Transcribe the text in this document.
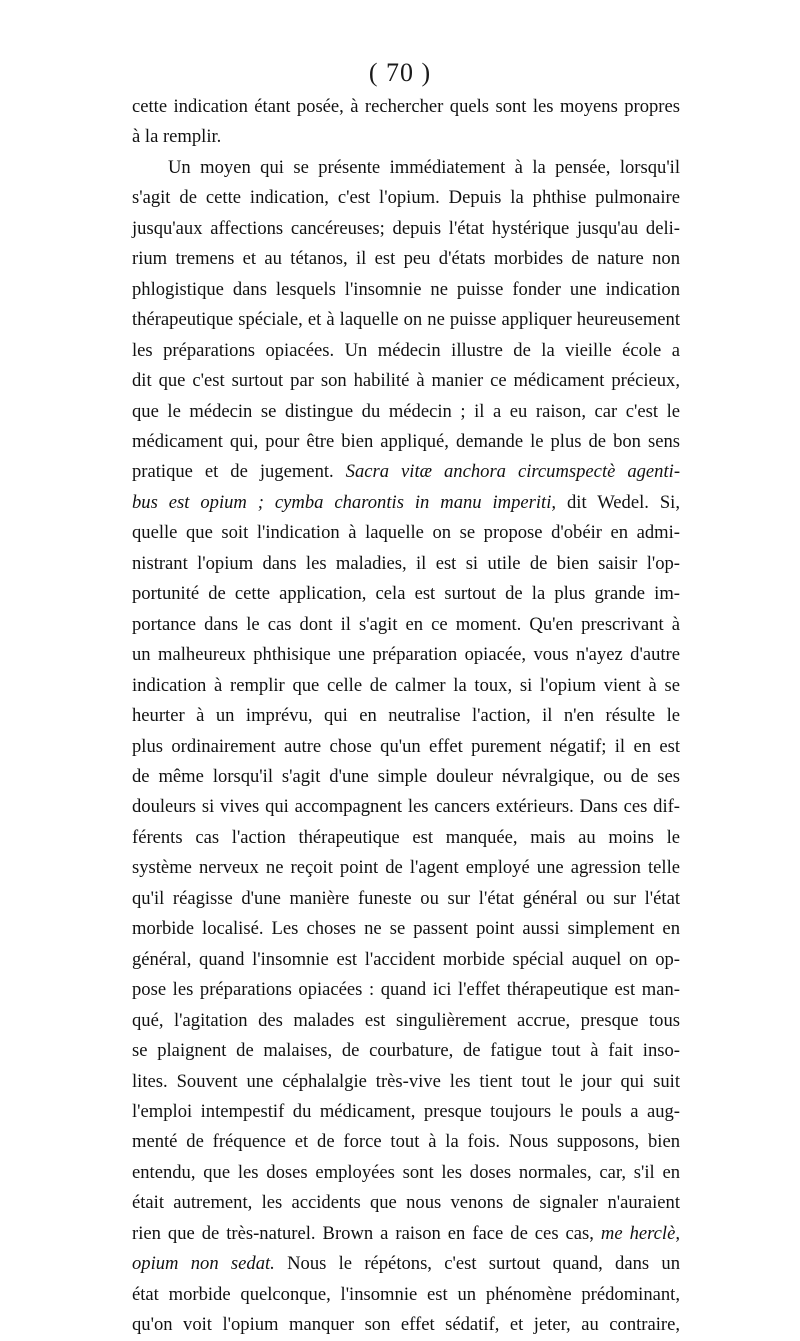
( 70 )

cette indication étant posée, à rechercher quels sont les moyens propres

à la remplir.

Un moyen qui se présente immédiatement à la pensée, lorsqu'il

s'agit de cette indication, c'est l'opium. Depuis la phthise pulmonaire

jusqu'aux affections cancéreuses; depuis l'état hystérique jusqu'au deli-

rium tremens et au tétanos, il est peu d'états morbides de nature non

phlogistique dans lesquels l'insomnie ne puisse fonder une indication

thérapeutique spéciale, et à laquelle on ne puisse appliquer heureusement

les préparations opiacées. Un médecin illustre de la vieille école a

dit que c'est surtout par son habilité à manier ce médicament précieux,

que le médecin se distingue du médecin ; il a eu raison, car c'est le

médicament qui, pour être bien appliqué, demande le plus de bon sens

pratique et de jugement. Sacra vitæ anchora circumspectè agenti-

bus est opium ; cymba charontis in manu imperiti, dit Wedel. Si,

quelle que soit l'indication à laquelle on se propose d'obéir en admi-

nistrant l'opium dans les maladies, il est si utile de bien saisir l'op-

portunité de cette application, cela est surtout de la plus grande im-

portance dans le cas dont il s'agit en ce moment. Qu'en prescrivant à

un malheureux phthisique une préparation opiacée, vous n'ayez d'autre

indication à remplir que celle de calmer la toux, si l'opium vient à se

heurter à un imprévu, qui en neutralise l'action, il n'en résulte le

plus ordinairement autre chose qu'un effet purement négatif; il en est

de même lorsqu'il s'agit d'une simple douleur névralgique, ou de ses

douleurs si vives qui accompagnent les cancers extérieurs. Dans ces dif-

férents cas l'action thérapeutique est manquée, mais au moins le

système nerveux ne reçoit point de l'agent employé une agression telle

qu'il réagisse d'une manière funeste ou sur l'état général ou sur l'état

morbide localisé. Les choses ne se passent point aussi simplement en

général, quand l'insomnie est l'accident morbide spécial auquel on op-

pose les préparations opiacées : quand ici l'effet thérapeutique est man-

qué, l'agitation des malades est singulièrement accrue, presque tous

se plaignent de malaises, de courbature, de fatigue tout à fait inso-

lites. Souvent une céphalalgie très-vive les tient tout le jour qui suit

l'emploi intempestif du médicament, presque toujours le pouls a aug-

menté de fréquence et de force tout à la fois. Nous supposons, bien

entendu, que les doses employées sont les doses normales, car, s'il en

était autrement, les accidents que nous venons de signaler n'auraient

rien que de très-naturel. Brown a raison en face de ces cas, me herclè,

opium non sedat. Nous le répétons, c'est surtout quand, dans un

état morbide quelconque, l'insomnie est un phénomène prédominant,

qu'on voit l'opium manquer son effet sédatif, et jeter, au contraire,
